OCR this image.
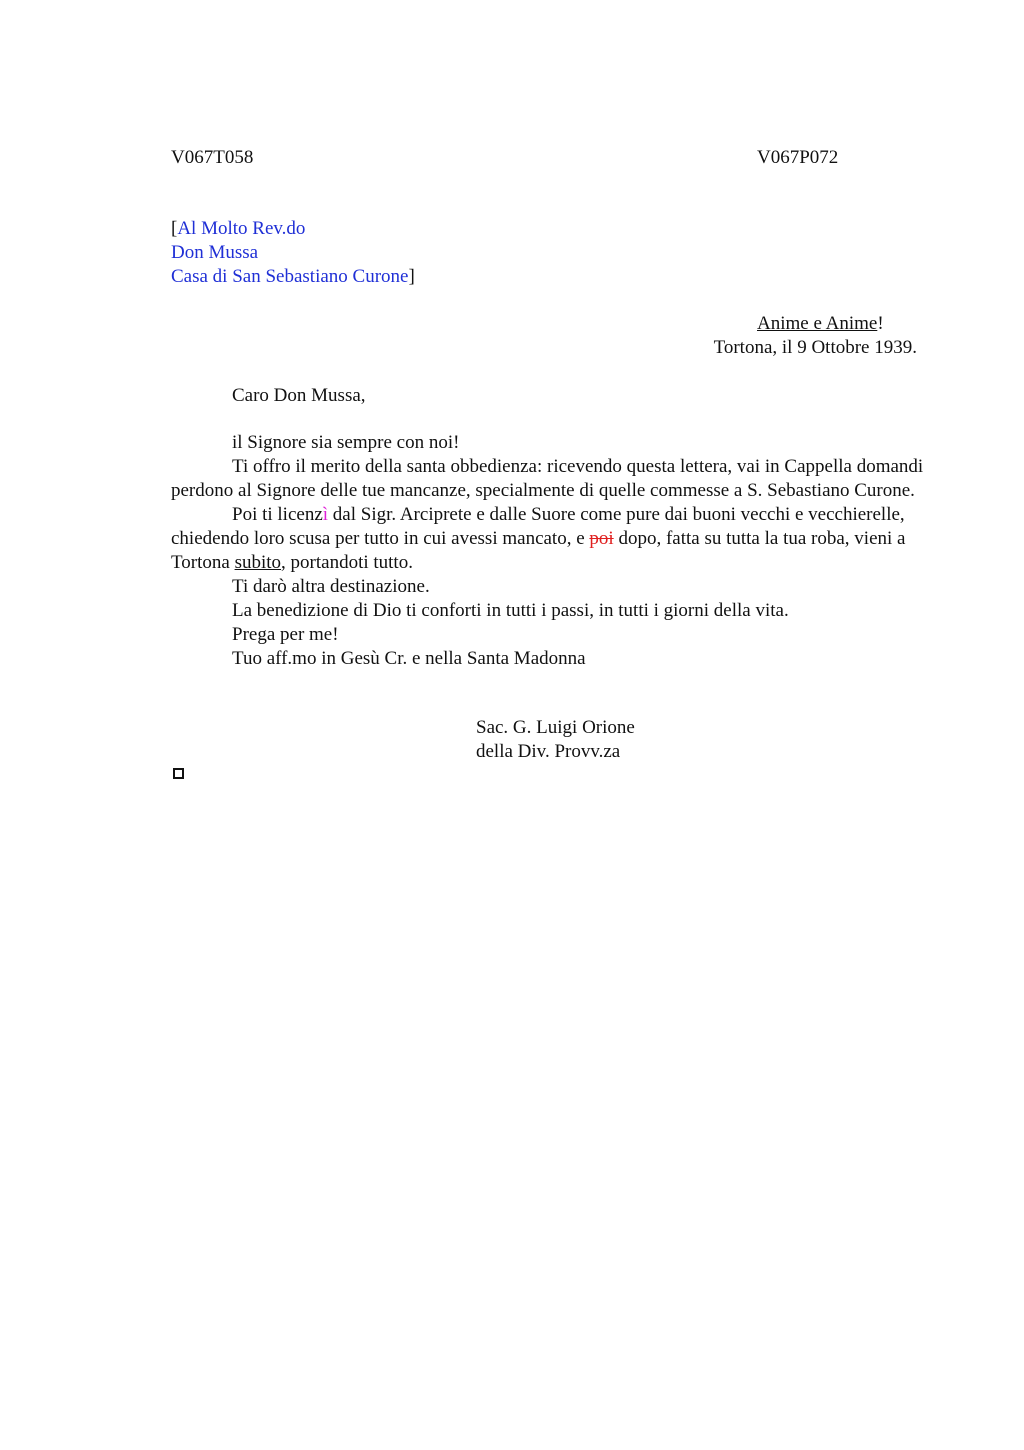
V067T058	V067P072
[Al Molto Rev.do
Don Mussa
Casa di San Sebastiano Curone]
Anime e Anime!
Tortona, il 9 Ottobre 1939.
Caro Don Mussa,

il Signore sia sempre con noi!

Ti offro il merito della santa obbedienza: ricevendo questa lettera, vai in Cappella domandi perdono al Signore delle tue mancanze, specialmente di quelle commesse a S. Sebastiano Curone.

Poi ti licenzì dal Sigr. Arciprete e dalle Suore come pure dai buoni vecchi e vecchierelle, chiedendo loro scusa per tutto in cui avessi mancato, e poi dopo, fatta su tutta la tua roba, vieni a Tortona subito, portandoti tutto.

Ti darò altra destinazione.

La benedizione di Dio ti conforti in tutti i passi, in tutti i giorni della vita.

Prega per me!

Tuo aff.mo in Gesù Cr. e nella Santa Madonna

Sac. G. Luigi Orione
della Div. Provv.za
